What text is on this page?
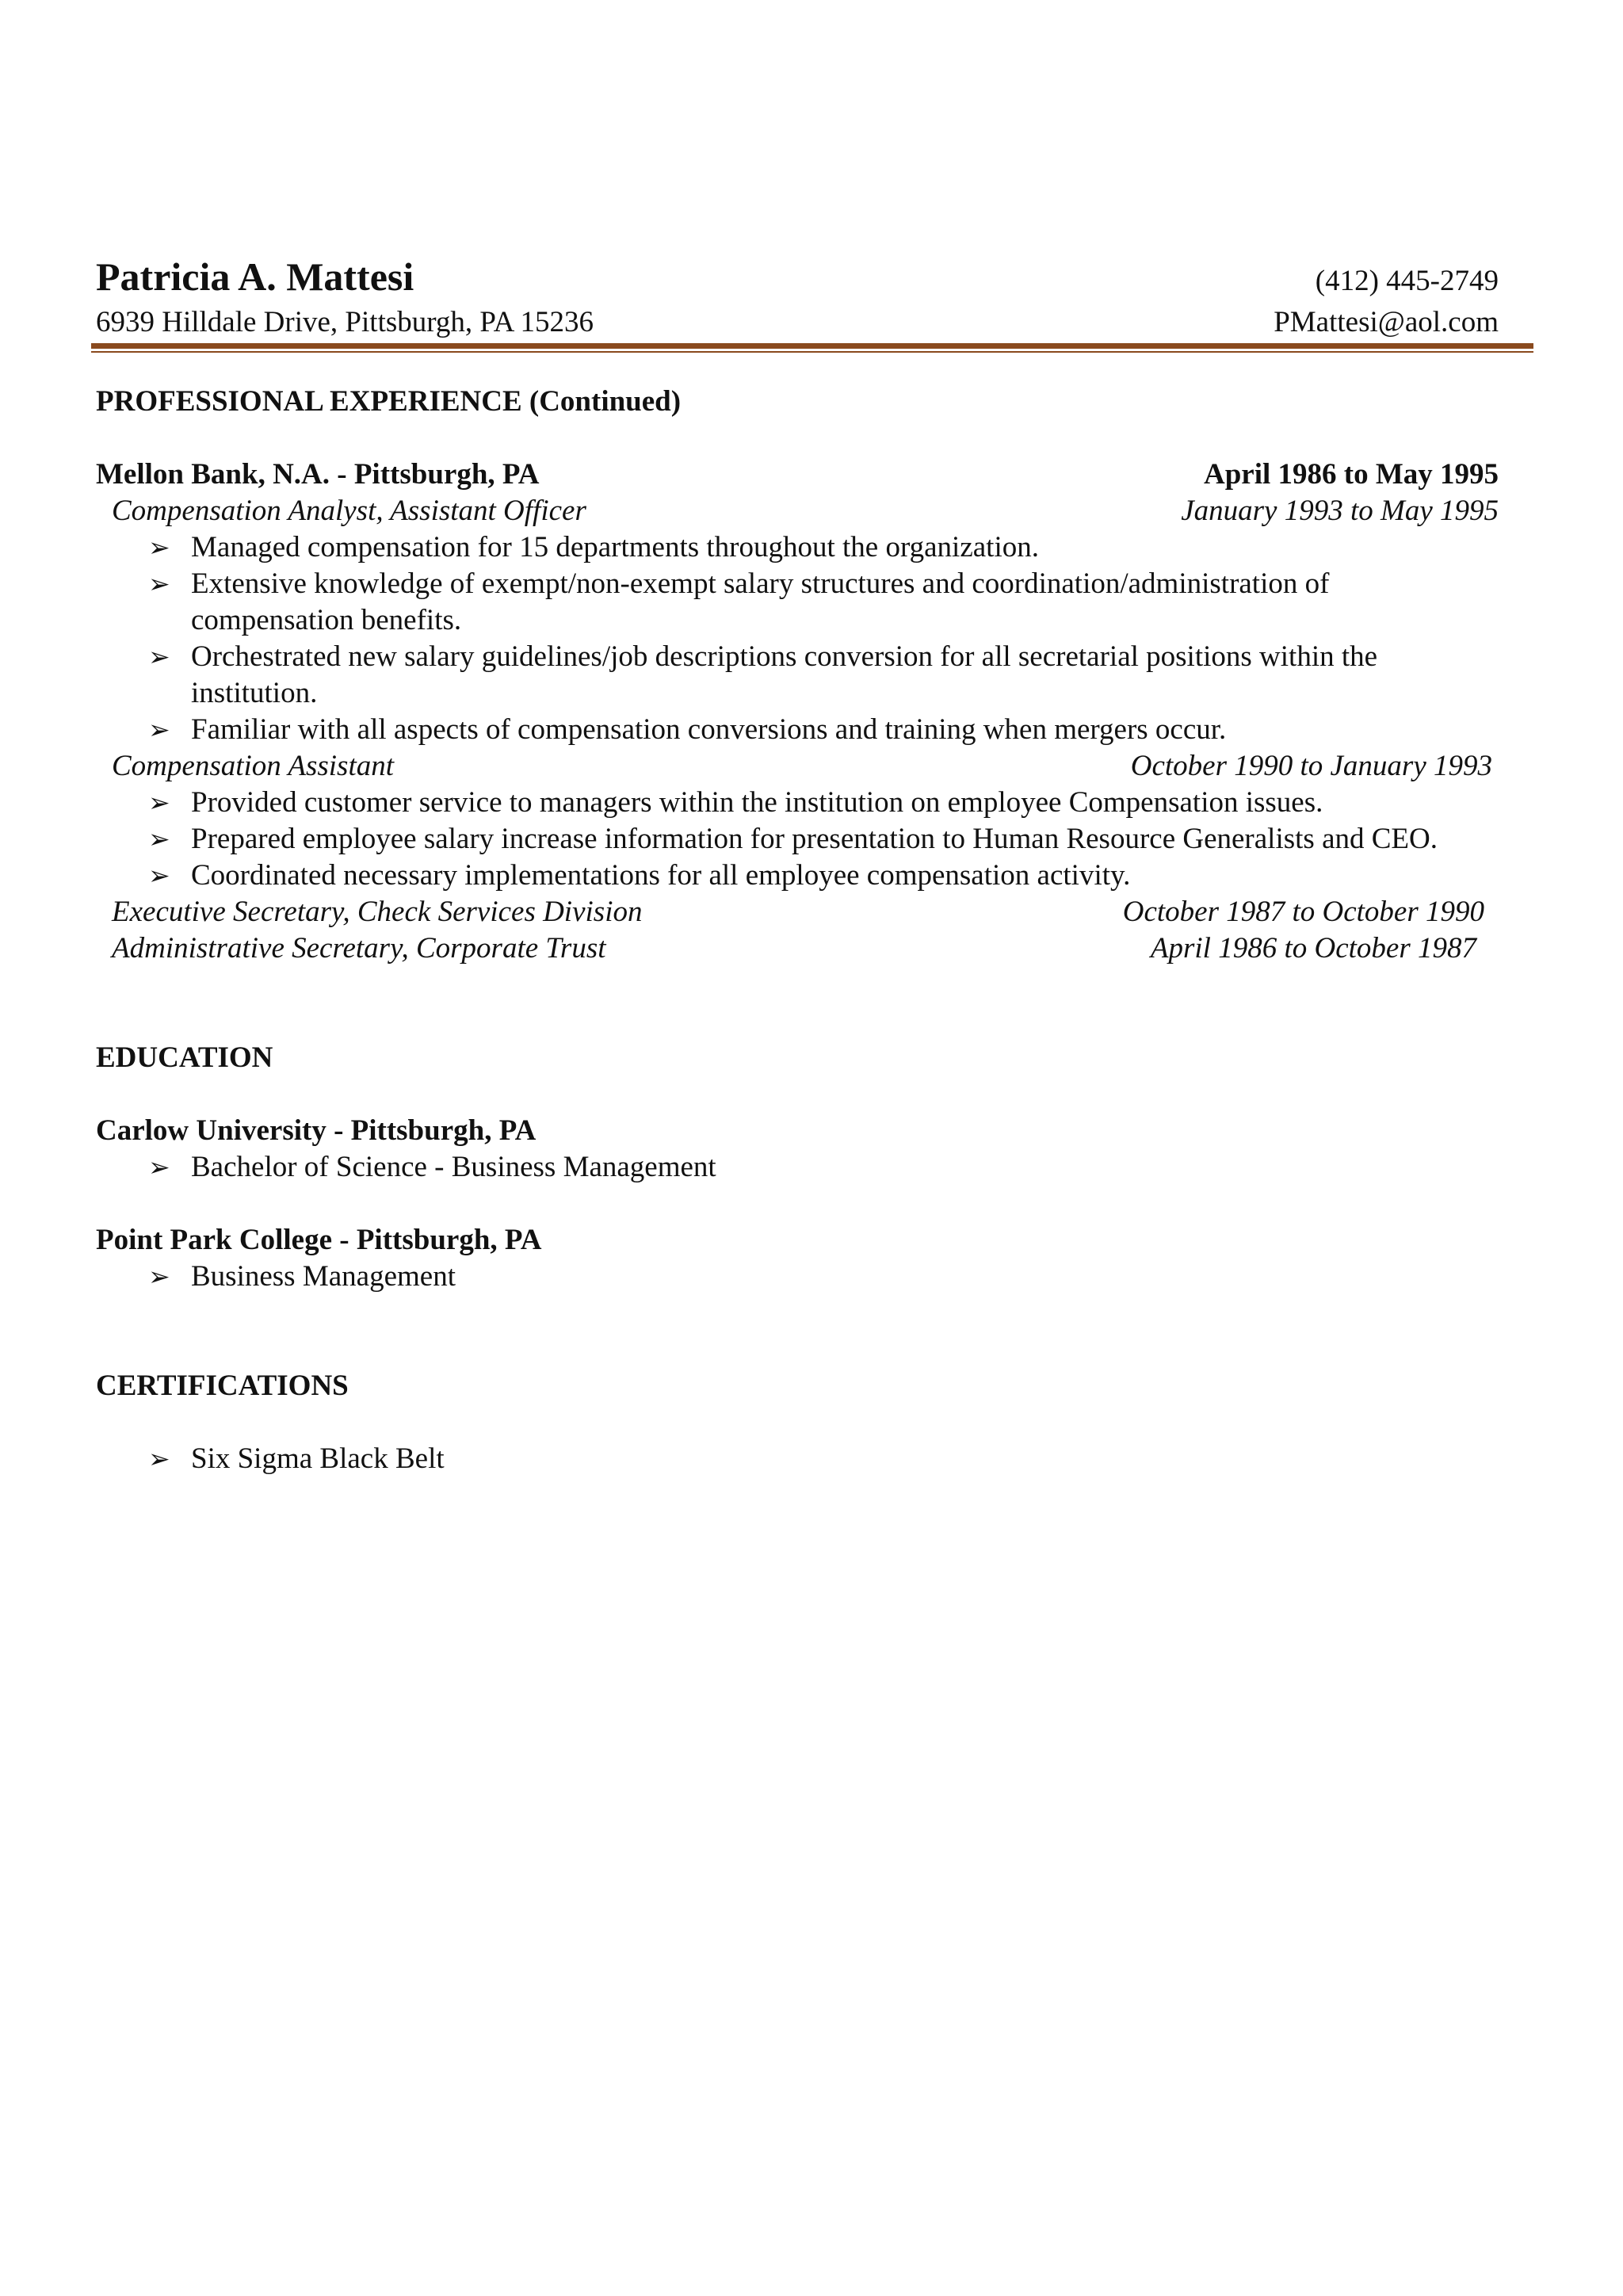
Patricia A. Mattesi	(412) 445-2749
6939 Hilldale Drive, Pittsburgh, PA 15236	PMattesi@aol.com
PROFESSIONAL EXPERIENCE (Continued)
Mellon Bank, N.A. - Pittsburgh, PA	April 1986 to May 1995
Compensation Analyst, Assistant Officer	January 1993 to May 1995
➢ Managed compensation for 15 departments throughout the organization.
➢ Extensive knowledge of exempt/non-exempt salary structures and coordination/administration of compensation benefits.
➢ Orchestrated new salary guidelines/job descriptions conversion for all secretarial positions within the institution.
➢ Familiar with all aspects of compensation conversions and training when mergers occur.
Compensation Assistant	October 1990 to January 1993
➢ Provided customer service to managers within the institution on employee Compensation issues.
➢ Prepared employee salary increase information for presentation to Human Resource Generalists and CEO.
➢ Coordinated necessary implementations for all employee compensation activity.
Executive Secretary, Check Services Division	October 1987 to October 1990
Administrative Secretary, Corporate Trust	April 1986 to October 1987
EDUCATION
Carlow University - Pittsburgh, PA
➢ Bachelor of Science - Business Management
Point Park College - Pittsburgh, PA
➢ Business Management
CERTIFICATIONS
➢ Six Sigma Black Belt
